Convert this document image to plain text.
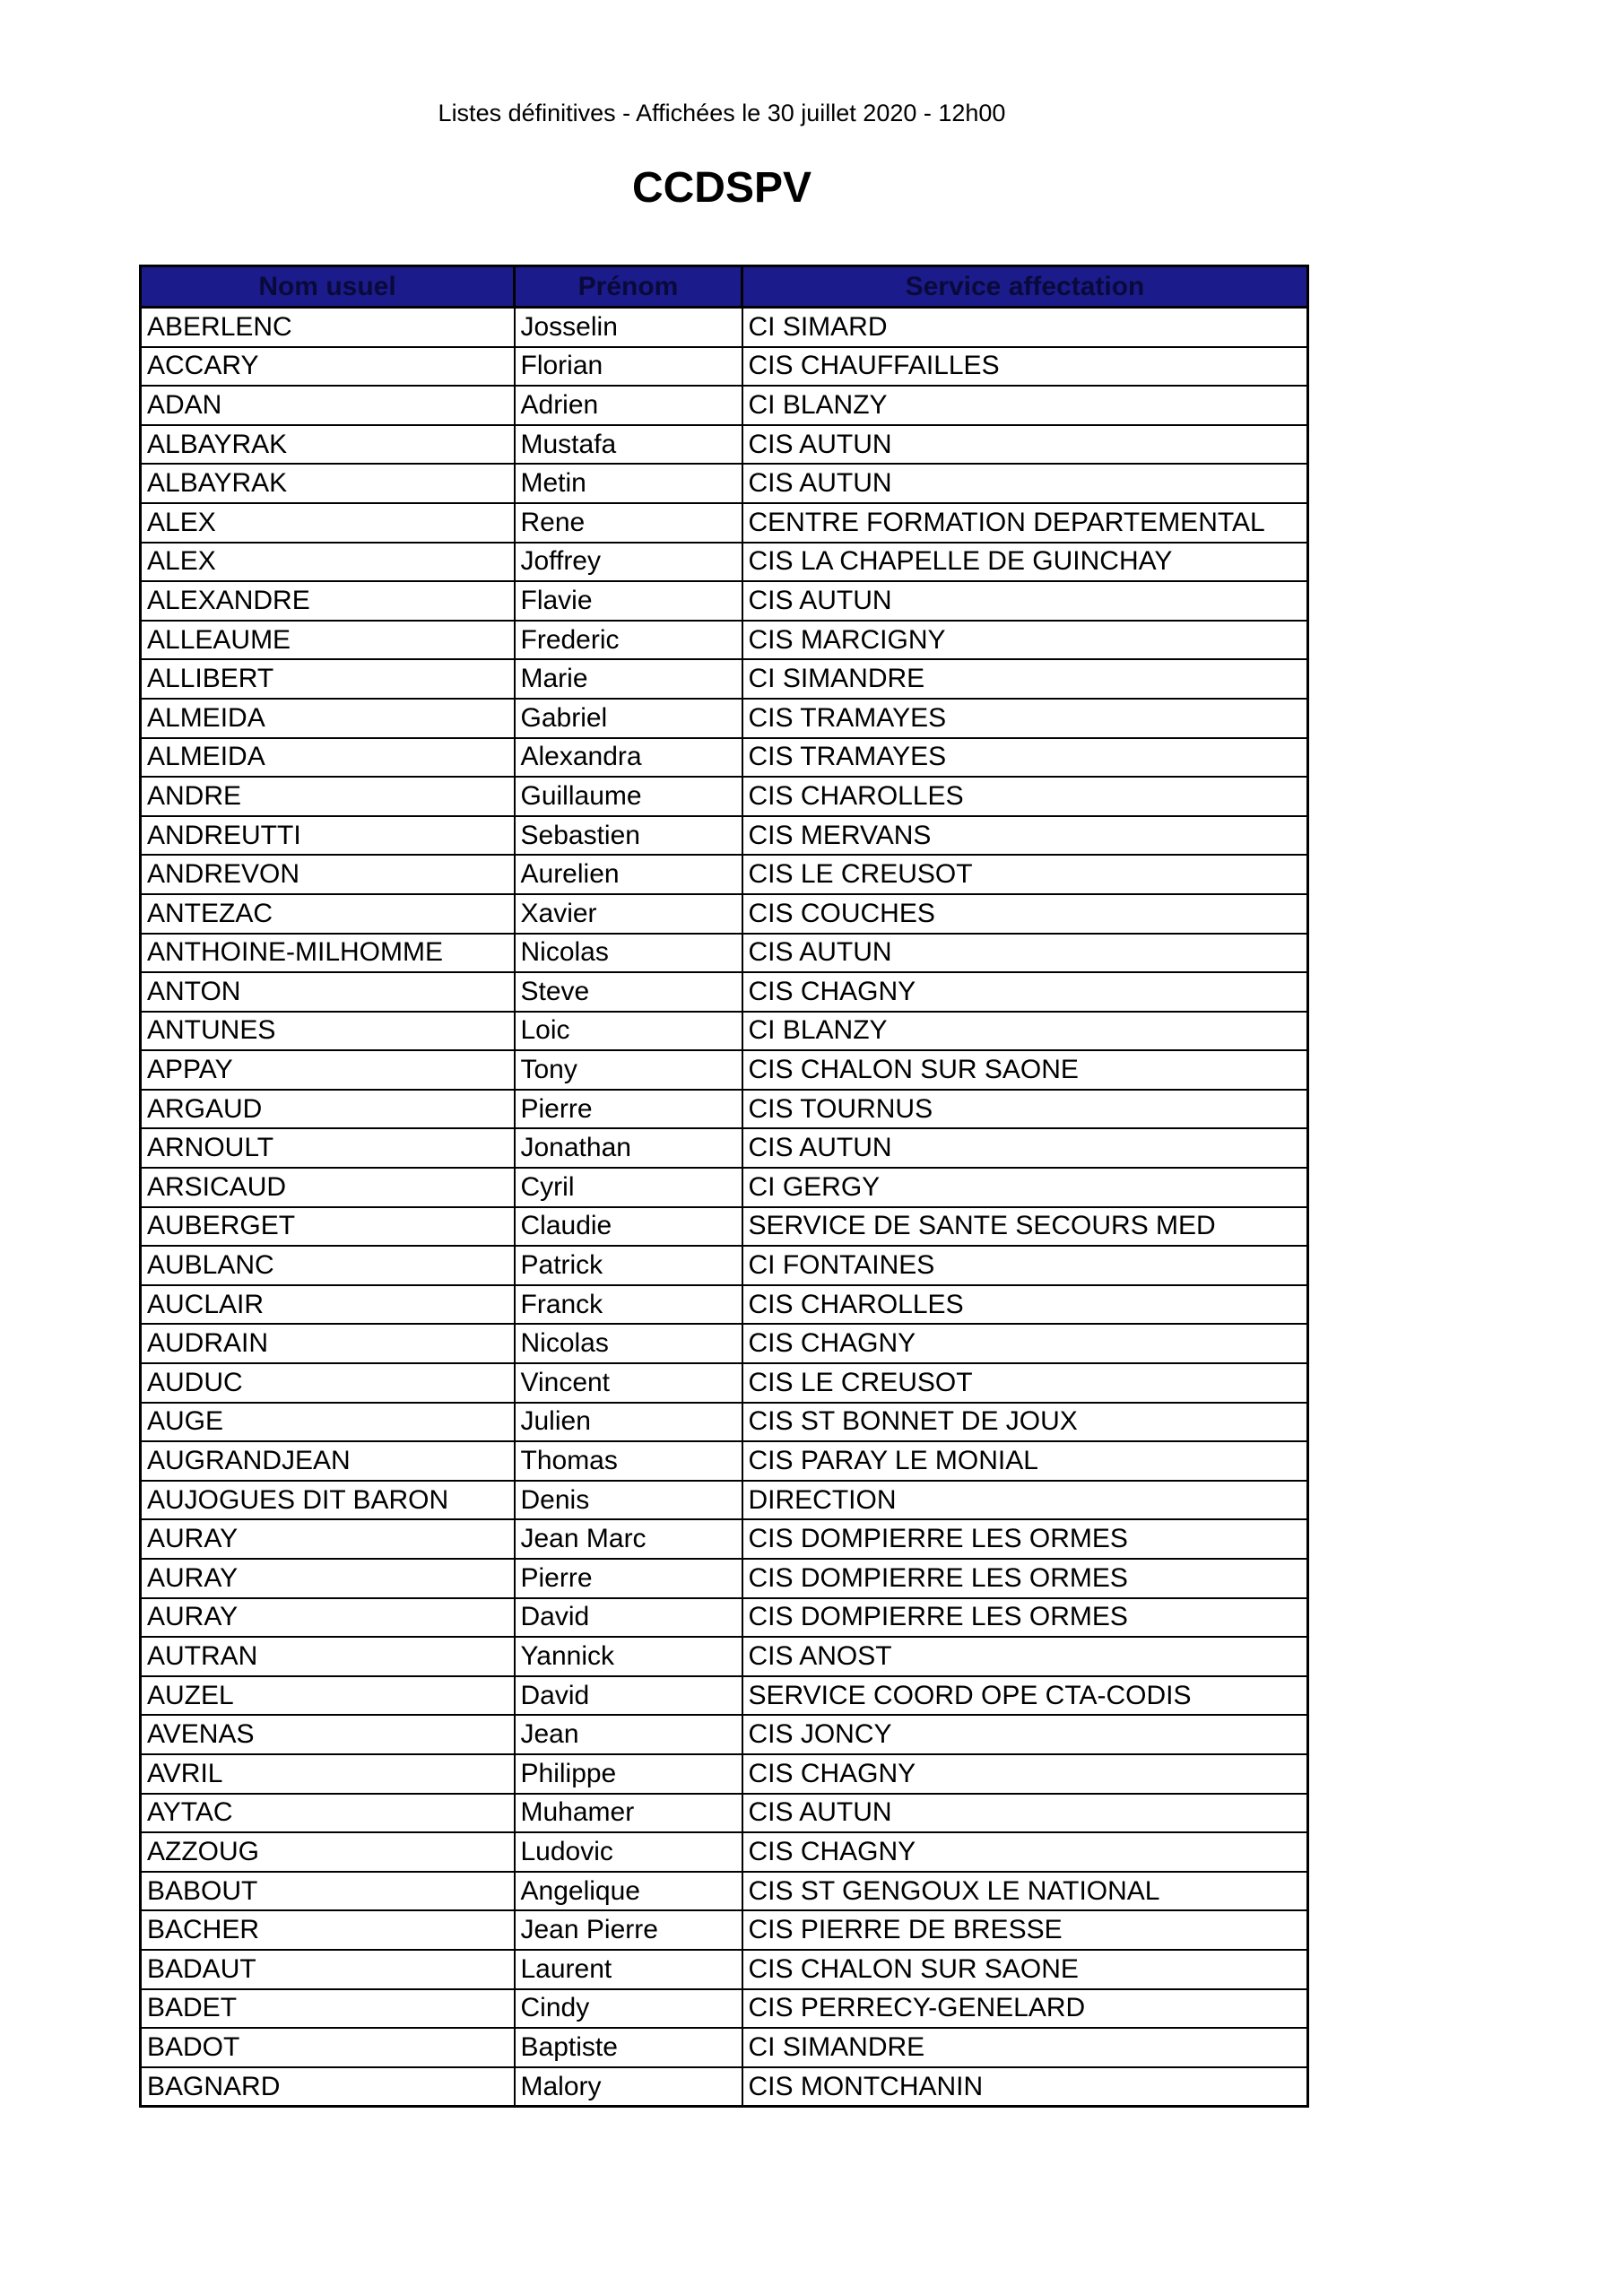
Listes définitives - Affichées le 30 juillet 2020 - 12h00
CCDSPV
Nom usuel	Prénom	Service affectation
ABERLENC	Josselin	CI SIMARD
ACCARY	Florian	CIS CHAUFFAILLES
ADAN	Adrien	CI BLANZY
ALBAYRAK	Mustafa	CIS AUTUN
ALBAYRAK	Metin	CIS AUTUN
ALEX	Rene	CENTRE FORMATION DEPARTEMENTAL
ALEX	Joffrey	CIS LA CHAPELLE DE GUINCHAY
ALEXANDRE	Flavie	CIS AUTUN
ALLEAUME	Frederic	CIS MARCIGNY
ALLIBERT	Marie	CI SIMANDRE
ALMEIDA	Gabriel	CIS TRAMAYES
ALMEIDA	Alexandra	CIS TRAMAYES
ANDRE	Guillaume	CIS CHAROLLES
ANDREUTTI	Sebastien	CIS MERVANS
ANDREVON	Aurelien	CIS LE CREUSOT
ANTEZAC	Xavier	CIS COUCHES
ANTHOINE-MILHOMME	Nicolas	CIS AUTUN
ANTON	Steve	CIS CHAGNY
ANTUNES	Loic	CI BLANZY
APPAY	Tony	CIS CHALON SUR SAONE
ARGAUD	Pierre	CIS TOURNUS
ARNOULT	Jonathan	CIS AUTUN
ARSICAUD	Cyril	CI GERGY
AUBERGET	Claudie	SERVICE DE SANTE SECOURS MED
AUBLANC	Patrick	CI FONTAINES
AUCLAIR	Franck	CIS CHAROLLES
AUDRAIN	Nicolas	CIS CHAGNY
AUDUC	Vincent	CIS LE CREUSOT
AUGE	Julien	CIS ST BONNET DE JOUX
AUGRANDJEAN	Thomas	CIS PARAY LE MONIAL
AUJOGUES DIT BARON	Denis	DIRECTION
AURAY	Jean Marc	CIS DOMPIERRE LES ORMES
AURAY	Pierre	CIS DOMPIERRE LES ORMES
AURAY	David	CIS DOMPIERRE LES ORMES
AUTRAN	Yannick	CIS ANOST
AUZEL	David	SERVICE COORD OPE CTA-CODIS
AVENAS	Jean	CIS JONCY
AVRIL	Philippe	CIS CHAGNY
AYTAC	Muhamer	CIS AUTUN
AZZOUG	Ludovic	CIS CHAGNY
BABOUT	Angelique	CIS ST GENGOUX LE NATIONAL
BACHER	Jean Pierre	CIS PIERRE DE BRESSE
BADAUT	Laurent	CIS CHALON SUR SAONE
BADET	Cindy	CIS PERRECY-GENELARD
BADOT	Baptiste	CI SIMANDRE
BAGNARD	Malory	CIS MONTCHANIN
